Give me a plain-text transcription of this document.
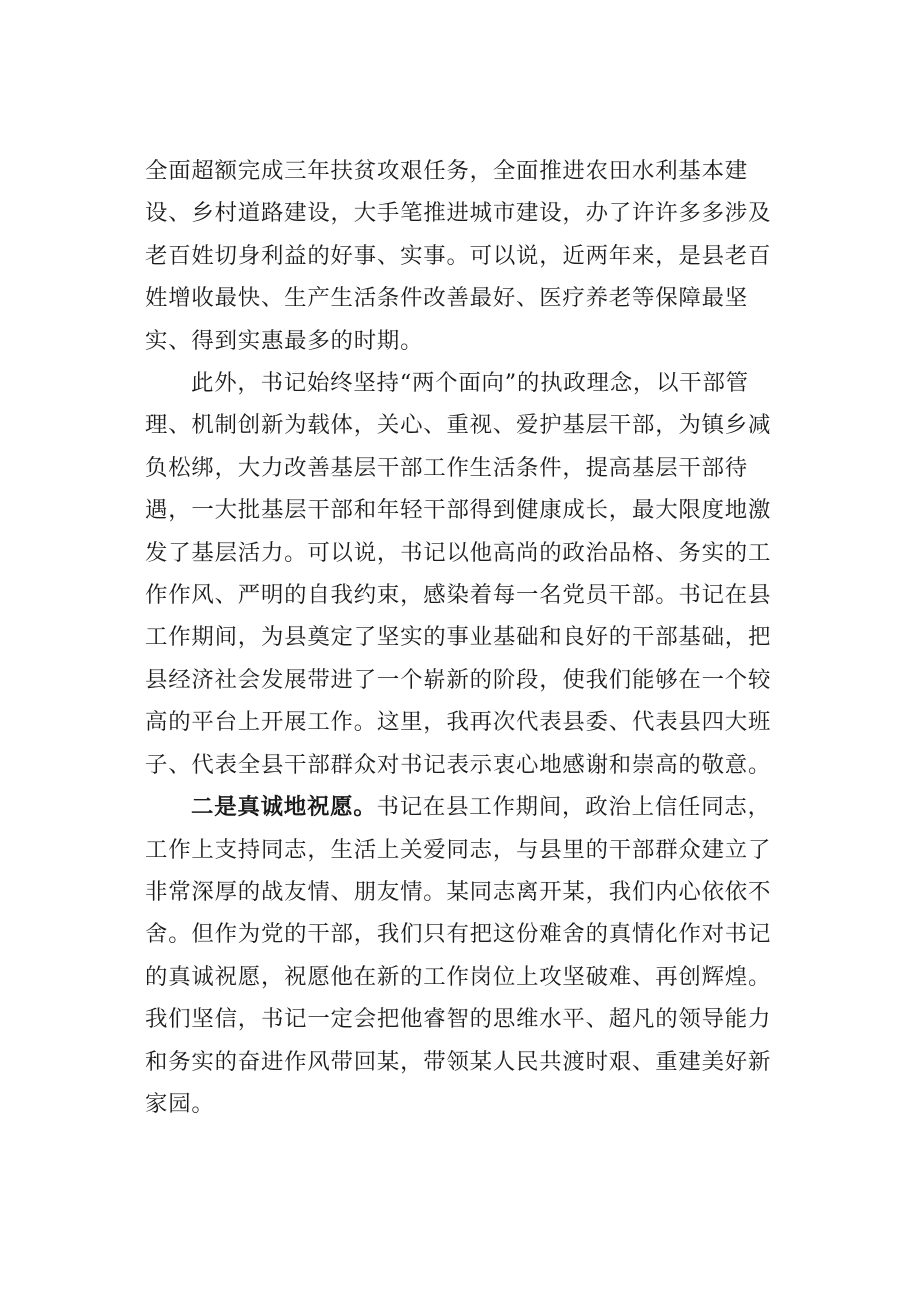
全面超额完成三年扶贫攻艰任务，全面推进农田水利基本建设、乡村道路建设，大手笔推进城市建设，办了许许多多涉及老百姓切身利益的好事、实事。可以说，近两年来，是县老百姓增收最快、生产生活条件改善最好、医疗养老等保障最坚实、得到实惠最多的时期。

此外，书记始终坚持“两个面向”的执政理念，以干部管理、机制创新为载体，关心、重视、爱护基层干部，为镇乡减负松绑，大力改善基层干部工作生活条件，提高基层干部待遇，一大批基层干部和年轻干部得到健康成长，最大限度地激发了基层活力。可以说，书记以他高尚的政治品格、务实的工作作风、严明的自我约束，感染着每一名党员干部。书记在县工作期间，为县奠定了坚实的事业基础和良好的干部基础，把县经济社会发展带进了一个崭新的阶段，使我们能够在一个较高的平台上开展工作。这里，我再次代表县委、代表县四大班子、代表全县干部群众对书记表示衷心地感谢和崇高的敬意。

二是真诚地祝愿。书记在县工作期间，政治上信任同志，工作上支持同志，生活上关爱同志，与县里的干部群众建立了非常深厚的战友情、朋友情。某同志离开某，我们内心依依不舍。但作为党的干部，我们只有把这份难舍的真情化作对书记的真诚祝愿，祝愿他在新的工作岗位上攻坚破难、再创辉煌。我们坚信，书记一定会把他睿智的思维水平、超凡的领导能力和务实的奋进作风带回某，带领某人民共渡时艰、重建美好新家园。
